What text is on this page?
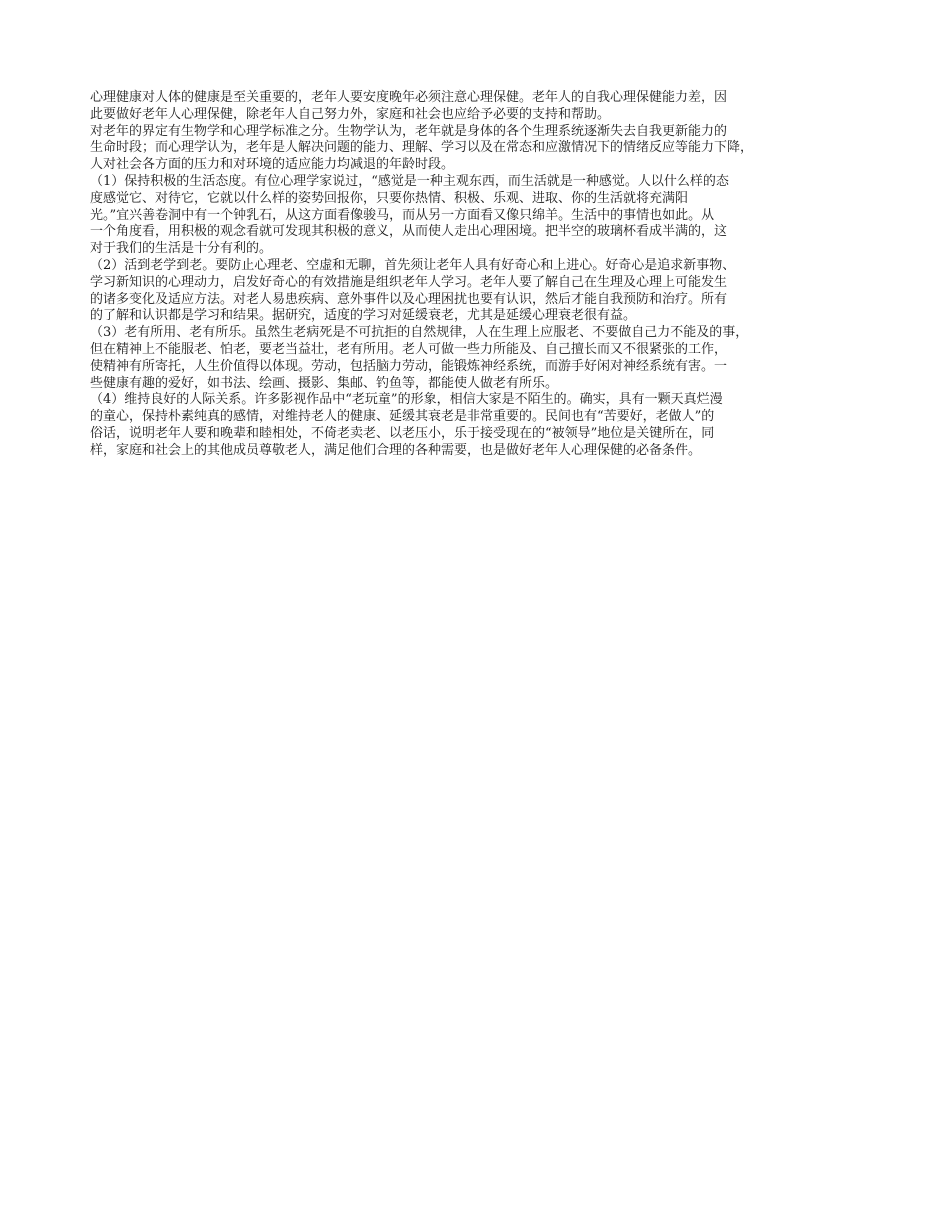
心理健康对人体的健康是至关重要的，老年人要安度晚年必须注意心理保健。老年人的自我心理保健能力差，因
此要做好老年人心理保健，除老年人自己努力外，家庭和社会也应给予必要的支持和帮助。
对老年的界定有生物学和心理学标准之分。生物学认为，老年就是身体的各个生理系统逐渐失去自我更新能力的
生命时段；而心理学认为，老年是人解决问题的能力、理解、学习以及在常态和应激情况下的情绪反应等能力下降，
人对社会各方面的压力和对环境的适应能力均减退的年龄时段。
（1）保持积极的生活态度。有位心理学家说过，“感觉是一种主观东西，而生活就是一种感觉。人以什么样的态
度感觉它、对待它，它就以什么样的姿势回报你，只要你热情、积极、乐观、进取、你的生活就将充满阳
光。”宜兴善卷洞中有一个钟乳石，从这方面看像骏马，而从另一方面看又像只绵羊。生活中的事情也如此。从
一个角度看，用积极的观念看就可发现其积极的意义，从而使人走出心理困境。把半空的玻璃杯看成半满的，这
对于我们的生活是十分有利的。
（2）活到老学到老。要防止心理老、空虚和无聊，首先须让老年人具有好奇心和上进心。好奇心是追求新事物、
学习新知识的心理动力，启发好奇心的有效措施是组织老年人学习。老年人要了解自己在生理及心理上可能发生
的诸多变化及适应方法。对老人易患疾病、意外事件以及心理困扰也要有认识，然后才能自我预防和治疗。所有
的了解和认识都是学习和结果。据研究，适度的学习对延缓衰老，尤其是延缓心理衰老很有益。
（3）老有所用、老有所乐。虽然生老病死是不可抗拒的自然规律，人在生理上应服老、不要做自己力不能及的事，
但在精神上不能服老、怕老，要老当益壮，老有所用。老人可做一些力所能及、自己擅长而又不很紧张的工作，
使精神有所寄托，人生价值得以体现。劳动，包括脑力劳动，能锻炼神经系统，而游手好闲对神经系统有害。一
些健康有趣的爱好，如书法、绘画、摄影、集邮、钓鱼等，都能使人做老有所乐。
（4）维持良好的人际关系。许多影视作品中“老玩童”的形象，相信大家是不陌生的。确实，具有一颗天真烂漫
的童心，保持朴素纯真的感情，对维持老人的健康、延缓其衰老是非常重要的。民间也有“苦要好，老做人”的
俗话，说明老年人要和晚辈和睦相处，不倚老卖老、以老压小，乐于接受现在的“被领导”地位是关键所在，同
样，家庭和社会上的其他成员尊敬老人，满足他们合理的各种需要，也是做好老年人心理保健的必备条件。
